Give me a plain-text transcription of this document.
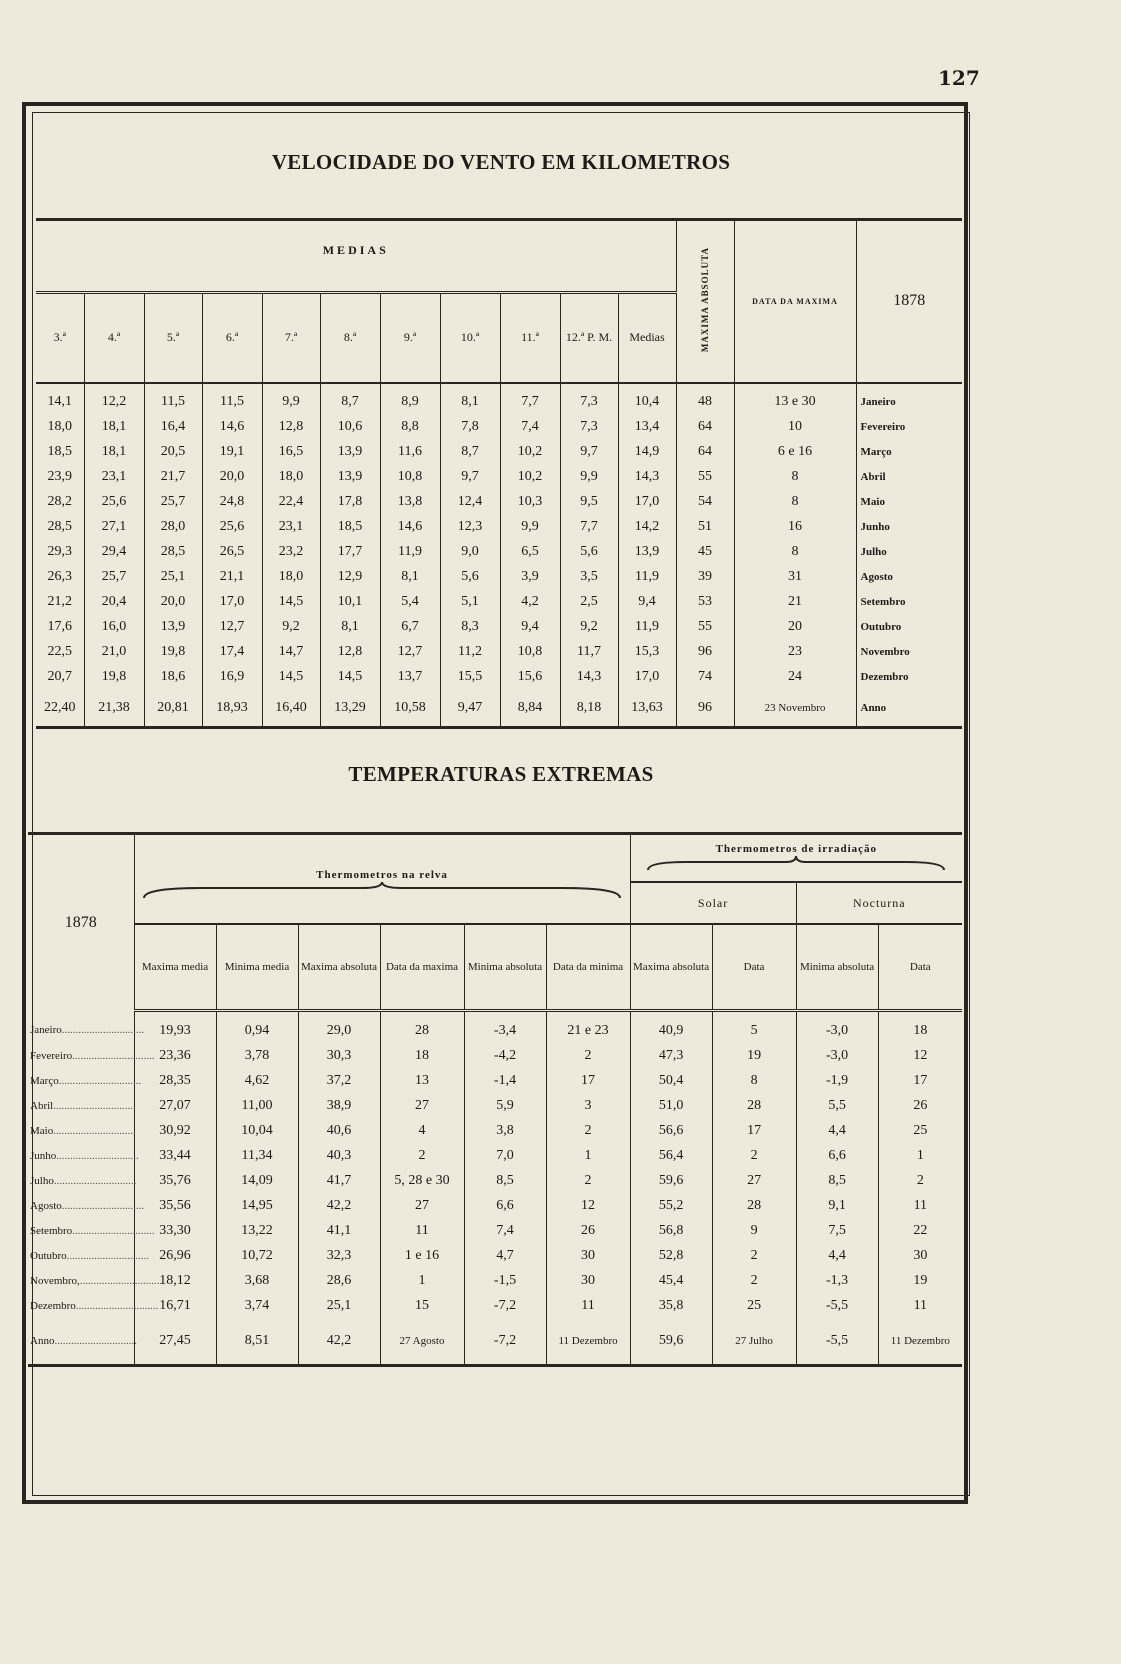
127
VELOCIDADE DO VENTO EM KILOMETROS
MEDIAS											MAXIMA ABSOLUTA	DATA DA MAXIMA	1878
3.ª	4.ª	5.ª	6.ª	7.ª	8.ª	9.ª	10.ª	11.ª	12.ª P. M.	Medias			
14,1	12,2	11,5	11,5	9,9	8,7	8,9	8,1	7,7	7,3	10,4	48	13 e 30	Janeiro
18,0	18,1	16,4	14,6	12,8	10,6	8,8	7,8	7,4	7,3	13,4	64	10	Fevereiro
18,5	18,1	20,5	19,1	16,5	13,9	11,6	8,7	10,2	9,7	14,9	64	6 e 16	Março
23,9	23,1	21,7	20,0	18,0	13,9	10,8	9,7	10,2	9,9	14,3	55	8	Abril
28,2	25,6	25,7	24,8	22,4	17,8	13,8	12,4	10,3	9,5	17,0	54	8	Maio
28,5	27,1	28,0	25,6	23,1	18,5	14,6	12,3	9,9	7,7	14,2	51	16	Junho
29,3	29,4	28,5	26,5	23,2	17,7	11,9	9,0	6,5	5,6	13,9	45	8	Julho
26,3	25,7	25,1	21,1	18,0	12,9	8,1	5,6	3,9	3,5	11,9	39	31	Agosto
21,2	20,4	20,0	17,0	14,5	10,1	5,4	5,1	4,2	2,5	9,4	53	21	Setembro
17,6	16,0	13,9	12,7	9,2	8,1	6,7	8,3	9,4	9,2	11,9	55	20	Outubro
22,5	21,0	19,8	17,4	14,7	12,8	12,7	11,2	10,8	11,7	15,3	96	23	Novembro
20,7	19,8	18,6	16,9	14,5	14,5	13,7	15,5	15,6	14,3	17,0	74	24	Dezembro
22,40	21,38	20,81	18,93	16,40	13,29	10,58	9,47	8,84	8,18	13,63	96	23 Novembro	Anno
TEMPERATURAS EXTREMAS
1878	Thermometros na relva						Thermometros de irradiação			

							Solar		Nocturna	
	Maxima media	Minima media	Maxima absoluta	Data da maxima	Minima absoluta	Data da minima	Maxima absoluta	Data	Minima absoluta	Data
Janeiro..............................	19,93	0,94	29,0	28	-3,4	21 e 23	40,9	5	-3,0	18
Fevereiro..............................	23,36	3,78	30,3	18	-4,2	2	47,3	19	-3,0	12
Março..............................	28,35	4,62	37,2	13	-1,4	17	50,4	8	-1,9	17
Abril..............................	27,07	11,00	38,9	27	5,9	3	51,0	28	5,5	26
Maio..............................	30,92	10,04	40,6	4	3,8	2	56,6	17	4,4	25
Junho..............................	33,44	11,34	40,3	2	7,0	1	56,4	2	6,6	1
Julho..............................	35,76	14,09	41,7	5, 28 e 30	8,5	2	59,6	27	8,5	2
Agosto..............................	35,56	14,95	42,2	27	6,6	12	55,2	28	9,1	11
Setembro..............................	33,30	13,22	41,1	11	7,4	26	56,8	9	7,5	22
Outubro..............................	26,96	10,72	32,3	1 e 16	4,7	30	52,8	2	4,4	30
Novembro,..............................	18,12	3,68	28,6	1	-1,5	30	45,4	2	-1,3	19
Dezembro..............................	16,71	3,74	25,1	15	-7,2	11	35,8	25	-5,5	11
Anno..............................	27,45	8,51	42,2	27 Agosto	-7,2	11 Dezembro	59,6	27 Julho	-5,5	11 Dezembro
